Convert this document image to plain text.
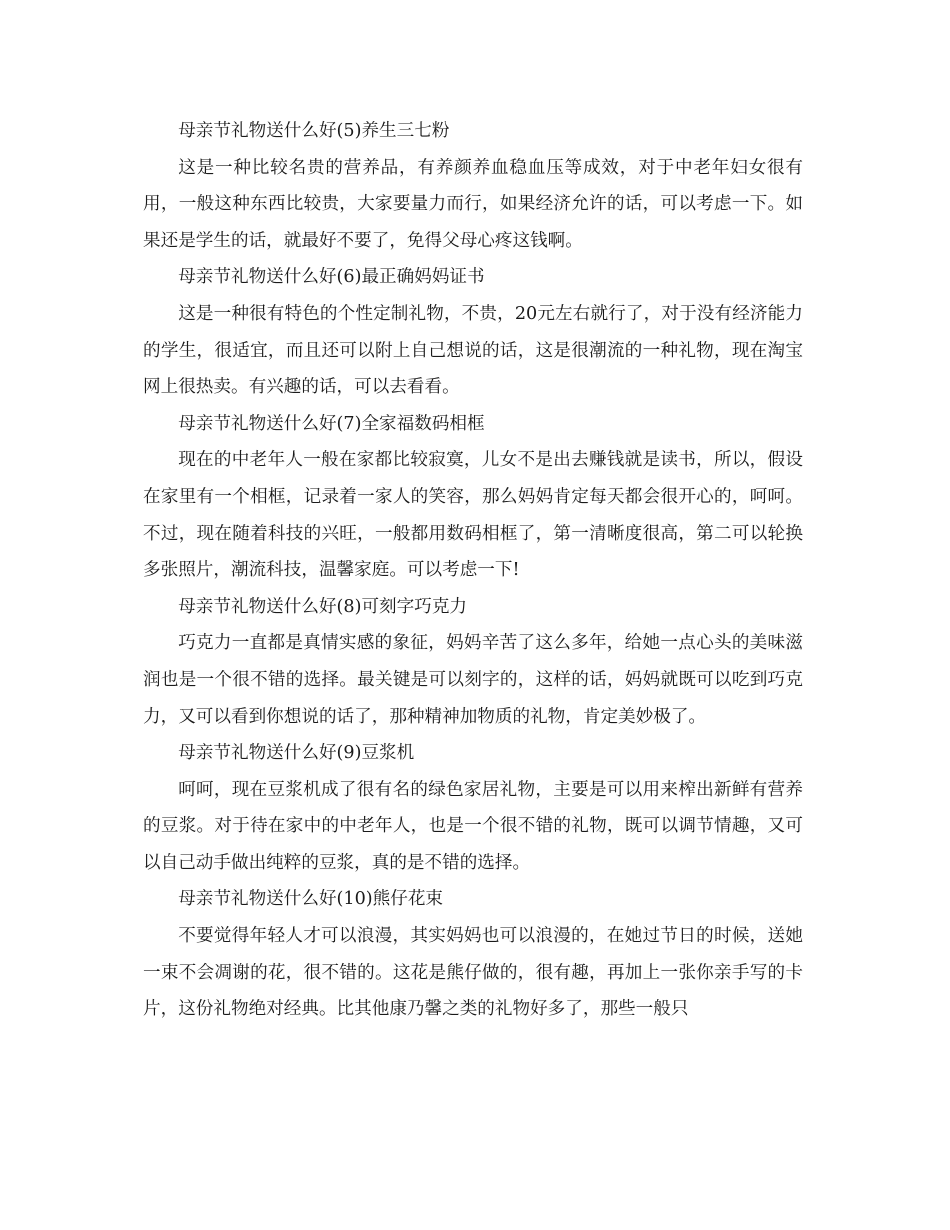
母亲节礼物送什么好(5)养生三七粉

这是一种比较名贵的营养品，有养颜养血稳血压等成效，对于中老年妇女很有用，一般这种东西比较贵，大家要量力而行，如果经济允许的话，可以考虑一下。如果还是学生的话，就最好不要了，免得父母心疼这钱啊。

母亲节礼物送什么好(6)最正确妈妈证书

这是一种很有特色的个性定制礼物，不贵，20元左右就行了，对于没有经济能力的学生，很适宜，而且还可以附上自己想说的话，这是很潮流的一种礼物，现在淘宝网上很热卖。有兴趣的话，可以去看看。

母亲节礼物送什么好(7)全家福数码相框

现在的中老年人一般在家都比较寂寞，儿女不是出去赚钱就是读书，所以，假设在家里有一个相框，记录着一家人的笑容，那么妈妈肯定每天都会很开心的，呵呵。不过，现在随着科技的兴旺，一般都用数码相框了，第一清晰度很高，第二可以轮换多张照片，潮流科技，温馨家庭。可以考虑一下!

母亲节礼物送什么好(8)可刻字巧克力

巧克力一直都是真情实感的象征，妈妈辛苦了这么多年，给她一点心头的美味滋润也是一个很不错的选择。最关键是可以刻字的，这样的话，妈妈就既可以吃到巧克力，又可以看到你想说的话了，那种精神加物质的礼物，肯定美妙极了。

母亲节礼物送什么好(9)豆浆机

呵呵，现在豆浆机成了很有名的绿色家居礼物，主要是可以用来榨出新鲜有营养的豆浆。对于待在家中的中老年人，也是一个很不错的礼物，既可以调节情趣，又可以自己动手做出纯粹的豆浆，真的是不错的选择。

母亲节礼物送什么好(10)熊仔花束

不要觉得年轻人才可以浪漫，其实妈妈也可以浪漫的，在她过节日的时候，送她一束不会凋谢的花，很不错的。这花是熊仔做的，很有趣，再加上一张你亲手写的卡片，这份礼物绝对经典。比其他康乃馨之类的礼物好多了，那些一般只
